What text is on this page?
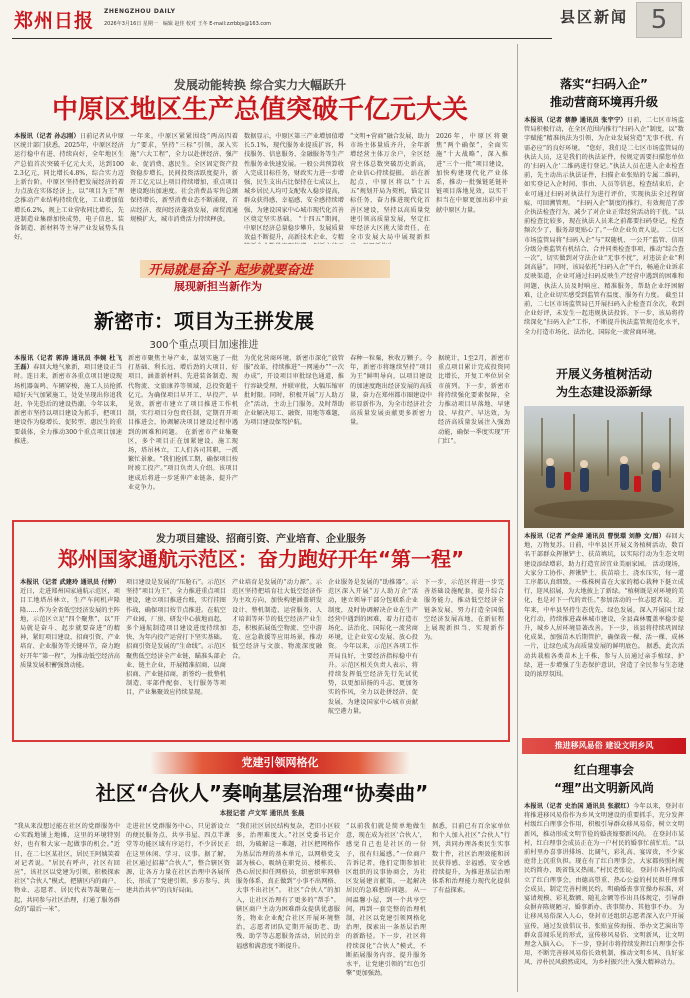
郑州日报 ZHENGZHOU DAILY
2026年3月16日 星期一　编辑 赵佳 校对 王冬 E-mail:zzrbbjs@163.com	县区新闻 5
发展动能转换 综合实力大幅跃升
中原区地区生产总值突破千亿元大关
本报讯（记者 孙志刚）日前记者从中原区统计部门获悉，2025年，中原区经济运行稳中有进、持续向好，全年地区生产总值首次突破千亿元大关，达到1002.3亿元，同比增长4.8%，综合实力迈上新台阶。中原区坚持把发展经济的着力点放在实体经济上，以“项目为王”理念推动产业结构持续优化，工业增加值增长6.2%，规上工业营收同比增长，先进制造业集群加快成势，电子信息、装备制造、新材料等主导产业发展势头良好。
一年来，中原区紧紧围绕“两高四着力”要求，坚持“三标”引领，深入实施“六大工程”，全力以赴拼经济、强产业、促消费、惠民生。全区固定资产投资稳步增长，民间投资活跃度提升，新开工亿元以上项目持续增加，重点项目建设跑出加速度。社会消费品零售总额保持增长，新型消费业态不断涌现，首店经济、夜间经济蓬勃发展，商贸流通规模扩大，城市消费活力持续释放。
数据显示，中原区第三产业增加值增长5.1%，现代服务业提质扩容，科技服务、信息服务、金融服务等生产性服务业快速发展。一般公共预算收入完成目标任务，财政实力进一步增强，民生支出占比保持在七成以上，城乡居民人均可支配收入稳步提高，群众获得感、幸福感、安全感持续增强，为建设国家中心城市现代化首善区奠定坚实基础。 “十四五”期间，中原区经济总量稳步攀升，发展质量效益不断提升，高新技术企业、专精
“文明+营商”融合发展，助力市场主体量质齐升，全年新增经营主体万余户，全区经营主体总数突破历史新高，企业信心持续提振。 站在新起点，中原区将以“十五五”规划开局为契机，锚定目标任务，奋力推进现代化首善区建设，坚持以高质量党建引领高质量发展，坚定扛牢经济大区挑大梁责任，在全市发展大局中展现新担
2026年，中原区将聚焦“两个确保”，全面实施“十大战略”，深入推进“三个一批”项目建设，加快构建现代化产业体系，推动一批强链延链补链项目落地见效，以实干担当在中原更加出彩中贡献中原区力量。
开局就是奋斗 起步就要奋进
展现新担当新作为
新密市：项目为王拼发展
300个重点项目加速推进
本报讯（记者 郭涛 通讯员 李婉 杜飞 王磊）春回大地气象新，项目建设正当时。连日来，新密市各重点项目建设现场机器轰鸣、车辆穿梭，施工人员抢抓晴好天气加紧施工，处处呈现出你追我赶、争先恐后的建设热潮。今年以来，新密市坚持以项目建设为抓手，把项目建设作为稳增长、促转型、惠民生的重要载体，全力推动300个重点项目加速推进。
新密市聚焦主导产业，谋划实施了一批打基础、利长远、增后劲的大项目、好项目，涵盖新材料、先进装备制造、现代物流、文旅康养等领域，总投资超千亿元。为确保项目早开工、早投产、早见效，新密市建立了项目推进工作机制，实行项目分包责任制，定期召开项目推进会，协调解决项目建设过程中遇到的困难和问题。 在新密市产业集聚区，多个项目正在加紧建设。施工现场，塔吊林立，工人们各司其职，一派繁忙景象。“我们抢抓工期，确保项目按时竣工投产。”项目负责人介绍。该项目建成后将进一步延伸产业链条，提升产业竞争力。
为优化营商环境，新密市深化“放管服”改革，持续推进“一网通办”“一次办成”，开设项目审批绿色通道，推行容缺受理、并联审批，大幅压缩审批时限。同时，积极开展“万人助万企”活动，主动上门服务，及时帮助企业解决用工、融资、用地等难题，为项目建设保驾护航。
春种一粒粟，秋收万颗子。今年，新密市将继续坚持“项目为王”鲜明导向，以项目建设的加速度跑出经济发展的高质量，奋力在郑州都市圈建设中彰显新作为，为全市经济社会高质量发展贡献更多新密力量。
据统计，1至2月，新密市重点项目累计完成投资同比增长，开复工率位居全市前列。下一步，新密市将持续强化要素保障，全力推动项目早落地、早建设、早投产、早达效，为经济高质量发展注入强劲动能，确保一季度实现“开门红”。
发力项目建设、招商引资、产业培育、企业服务
郑州国家通航示范区：奋力跑好开年“第一程”
本报讯（记者 武建玲 通讯员 付婷）近日，走进郑州国家通航示范区，项目工地塔吊林立，生产车间机声隆隆……作为全省低空经济发展的主阵地，示范区立足“四个聚焦”，以“开局就是奋斗、起步就要奋进”的精神，紧盯项目建设、招商引资、产业培育、企业服务等关键环节，奋力跑好开年“第一程”，为推动低空经济高质量发展积蓄强劲动能。
项目建设是发展的“压舱石”。示范区坚持“项目为王”，全力推进重点项目建设，建立项目推进台账，实行挂图作战，确保项目按节点推进。在航空产业园，厂房、研发中心拔地而起，多个通航制造项目建设进度持续加快，为年内投产运营打下坚实基础。 招商引资是发展的“生命线”。示范区聚焦低空经济全产业链，瞄准头部企业、链主企业，开展精准招商、以商招商、产业链招商，新签约一批整机制造、零部件配套、飞行服务等项目，产业集聚效应持续显现。
产业培育是发展的“动力源”。示范区坚持把培育壮大低空经济作为主攻方向，加快构建涵盖研发设计、整机制造、运营服务、人才培训等环节的低空经济产业生态，积极拓展低空物流、空中游览、应急救援等应用场景，推动低空经济与文旅、物流深度融合。
企业服务是发展的“助推器”。示范区深入开展“万人助万企”活动，建立领导干部分包联系企业制度，及时协调解决企业在生产经营中遇到的困难，着力打造市场化、法治化、国际化一流营商环境，让企业安心发展、放心投资。 今年以来，示范区各项工作开局良好，主要经济指标稳中有升。示范区相关负责人表示，将持续发挥低空经济先行先试优势，以更加昂扬的斗志、更加务实的作风，全力以赴拼经济、促发展，为建设国家中心城市贡献航空港力量。
下一步，示范区将进一步完善基础设施配套，提升综合服务能力，推动低空经济全链条发展，努力打造全国低空经济发展高地，在新征程上展现新担当、实现新作为。
党建引领网格化
社区“合伙人”奏响基层治理“协奏曲”
本报记者 卢文军 通讯员 张晨
“我从来没想过能在社区的党群服务中心实践地铺上地摊，这里的环境特别好，也有和大家一起做事的机会。”近日，在二七区某社区，居民王阿姨笑着对记者说。“居民有呼声，社区有回应”，该社区以党建为引领，积极探索社区“合伙人”模式，把辖区内的商户、物业、志愿者、居民代表等凝聚在一起，共同参与社区治理，打通了服务群众的“最后一米”。
走进社区党群服务中心，只见新设立的便民服务点、共享书屋、四点半课堂等功能区域有序运行，不少居民正在这里休闲、学习、议事。据了解，社区通过招募“合伙人”，整合辖区资源，让各方力量在社区治理中各展所长，形成了“党建引领、多方参与、共建共治共享”的良好局面。
“我们社区居民结构复杂，老旧小区较多，治理难度大。”社区党委书记介绍，为破解这一难题，社区把网格作为基层治理的基本单元，以网格党支部为核心，吸纳在职党员、楼栋长、热心居民担任网格员，织密织牢网格服务体系，真正做到“小事不出网格、大事不出社区”。 社区“合伙人”的加入，让社区治理有了更多的“帮手”。辖区商户主动为困难群众提供优惠服务，物业企业配合社区开展环境整治，志愿者团队定期开展助老、助残、助学等志愿服务活动，居民的幸福感和满意度不断提升。
“以前我们就是简单地做生意，现在成为社区‘合伙人’，感觉自己也是社区的一份子，很有归属感。”一位商户告诉记者，他们定期参加社区组织的议事协商会，为社区发展建言献策，一起解决居民的急难愁盼问题。 从一间温馨小屋，到一个共享空间，再到一套完整的治理机制，社区以党建引领网格化治理，探索出一条基层治理的新路径。下一步，社区将持续深化“合伙人”模式，不断拓展服务内容，提升服务水平，让党建引领的“红色引擎”更加强劲。
据悉，目前已有百余家单位和个人加入社区“合伙人”行列，共同办理各类民生实事数十件，社区治理效能和居民获得感、幸福感、安全感持续提升，为推进基层治理体系和治理能力现代化提供了有益探索。
落实“扫码入企”
推动营商环境再升级
本报讯（记者 蔡静 通讯员 张宇宁）日前，二七区市场监管局积极行动，在全区范围内推行“扫码入企”制度，以“数字赋能”精准执法为引领，为企业发展营造“无事不扰、有需必应”的良好环境。 “您好，我们是二七区市场监管局的执法人员，这是我们的执法证件，按规定需要扫描您单位的‘扫码入企’二维码进行登记。”执法人员在进入企业检查前，先主动出示执法证件，扫描企业张贴的专属二维码，如实登记入企时间、事由、人员等信息，检查结束后，企业可通过扫码对执法行为进行评价，实现执法全过程留痕、可回溯管理。 “扫码入企”制度的推行，有效规范了涉企执法检查行为，减少了对企业正常经营活动的干扰。“以前检查比较多，现在执法人员来之前都要扫码登记，检查频次少了，服务却更贴心了。”一位企业负责人说。 二七区市场监管局将“扫码入企”与“双随机、一公开”监管、信用分级分类监管有机结合，合并同类检查事项，推动“综合查一次”，切实做到对守法企业“无事不扰”，对违法企业“利剑高悬”。 同时，该局依托“扫码入企”平台，畅通企业诉求反映渠道，企业可通过扫码反映生产经营中遇到的困难和问题，执法人员及时响应、精准服务，帮助企业纾困解难，让企业切实感受到监管有温度、服务有力度。 截至目前，二七区市场监管局已开展扫码入企检查百余次，收到企业好评，未发生一起违规执法投诉。下一步，该局将持续深化“扫码入企”工作，不断提升执法监管规范化水平，全力打造市场化、法治化、国际化一流营商环境。
开展义务植树活动
为生态建设添新绿
本报讯（记者 严金萍 通讯员 曹悦璟 刘静 文/图）春回大地，万物复苏。日前，中牟县区开展义务植树活动，数百名干部群众挥锹铲土、扶苗填坑，以实际行动为生态文明建设添绿增彩，助力打造宜居宜业美丽家园。 活动现场，大家分工协作、挥锹铲土、扶苗培土、浇水压实，每一道工序都认真细致。一株株树苗在大家的精心栽种下挺立成行，迎风招展，为大地披上了新绿。“植树既是对环境的美化，也是对下一代的责任。”参加活动的一位志愿者说。 近年来，中牟县坚持生态优先、绿色发展，深入开展国土绿化行动，持续推进森林城市建设，全县森林覆盖率稳步提升，城乡人居环境显著改善。下一步，该县将持续巩固绿化成果，加强苗木后期管护，确保栽一棵、活一棵、成林一片，让绿色成为高质量发展的鲜明底色。 据悉，此次活动共栽植各类苗木上千株，参与人员通过亲手植绿、护绿，进一步增强了生态保护意识，营造了全民参与生态建设的浓厚氛围。
推进移风易俗 建设文明乡风
红白理事会
“理”出文明新风尚
本报讯（记者 史治国 通讯员 张淑红）今年以来，登封市将推进移风易俗作为乡风文明建设的重要抓手，充分发挥村级红白理事会作用，积极引导群众移风易俗、树立文明新风，推动形成文明节俭的婚丧嫁娶新风尚。 在登封市某村，红白理事会成员正在为一户村民的婚事忙前忙后。“以前村里办喜事讲排场、比阔气，彩礼高、宴席贵，不少家庭背上沉重负担。现在有了红白理事会，大家都按照村规民约简办，既省钱又热闹。”村民老张说。 登封市各村均成立了红白理事会，由德高望重、热心公益的村民担任理事会成员，制定完善村规民约，明确婚丧事宜操办标准，对宴请规模、彩礼数额、随礼金额等作出具体规定，引导群众摒弃陈规陋习，婚事新办、丧事简办、其他事不办。 为让移风易俗深入人心，登封市还组织志愿者深入农户开展宣传，通过发放倡议书、张贴宣传海报、举办文艺演出等群众喜闻乐见的形式，宣传移风易俗、文明新风，让文明理念入脑入心。 下一步，登封市将持续发挥红白理事会作用，不断完善移风易俗长效机制，推动文明乡风、良好家风、淳朴民风蔚然成风，为乡村振兴注入强大精神动力。
